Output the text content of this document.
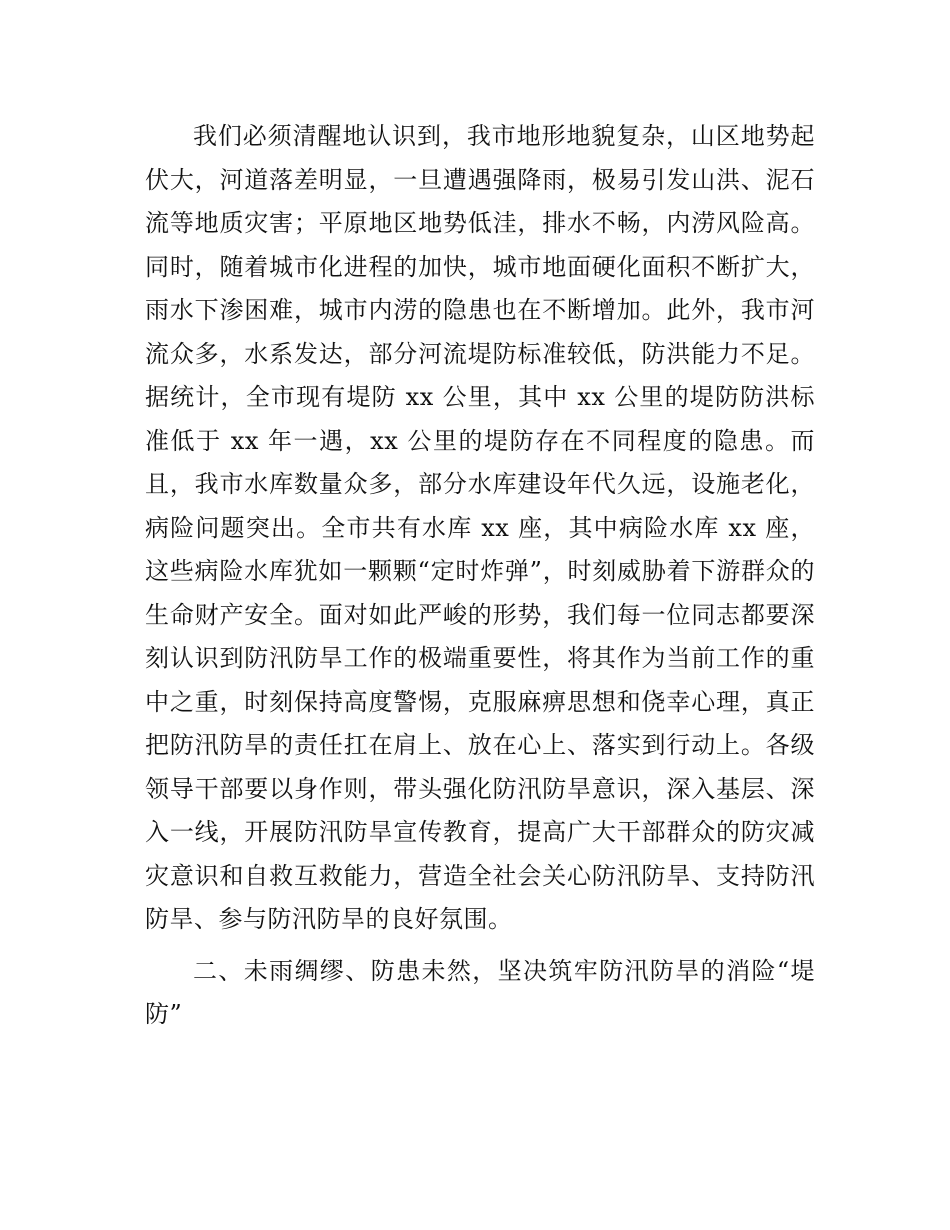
我们必须清醒地认识到，我市地形地貌复杂，山区地势起伏大，河道落差明显，一旦遭遇强降雨，极易引发山洪、泥石流等地质灾害；平原地区地势低洼，排水不畅，内涝风险高。同时，随着城市化进程的加快，城市地面硬化面积不断扩大，雨水下渗困难，城市内涝的隐患也在不断增加。此外，我市河流众多，水系发达，部分河流堤防标准较低，防洪能力不足。据统计，全市现有堤防 xx 公里，其中 xx 公里的堤防防洪标准低于 xx 年一遇，xx 公里的堤防存在不同程度的隐患。而且，我市水库数量众多，部分水库建设年代久远，设施老化，病险问题突出。全市共有水库 xx 座，其中病险水库 xx 座，这些病险水库犹如一颗颗“定时炸弹”，时刻威胁着下游群众的生命财产安全。面对如此严峻的形势，我们每一位同志都要深刻认识到防汛防旱工作的极端重要性，将其作为当前工作的重中之重，时刻保持高度警惕，克服麻痹思想和侥幸心理，真正把防汛防旱的责任扛在肩上、放在心上、落实到行动上。各级领导干部要以身作则，带头强化防汛防旱意识，深入基层、深入一线，开展防汛防旱宣传教育，提高广大干部群众的防灾减灾意识和自救互救能力，营造全社会关心防汛防旱、支持防汛防旱、参与防汛防旱的良好氛围。

二、未雨绸缪、防患未然，坚决筑牢防汛防旱的消险“堤防”
